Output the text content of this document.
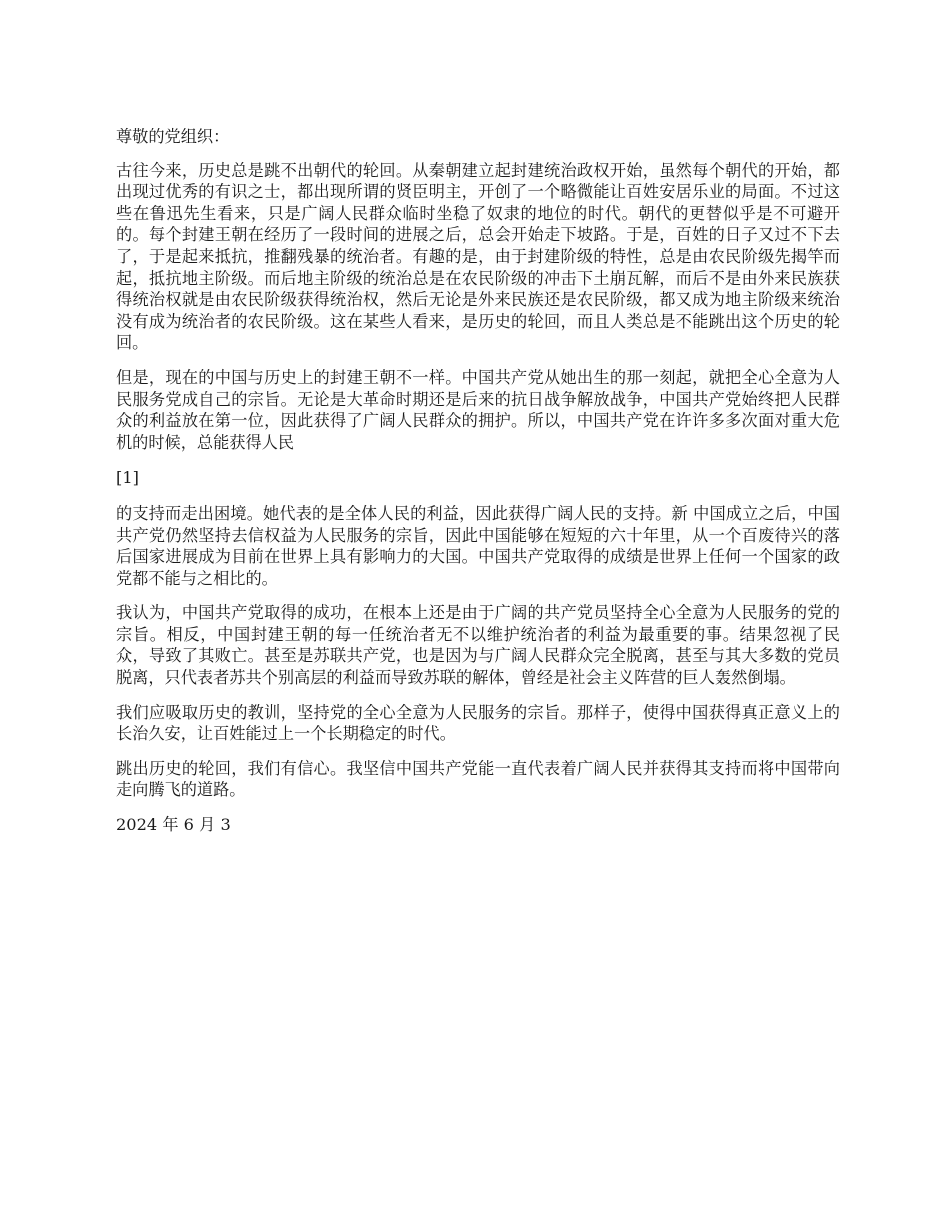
尊敬的党组织：

古往今来，历史总是跳不出朝代的轮回。从秦朝建立起封建统治政权开始，虽然每个朝代的开始，都出现过优秀的有识之士，都出现所谓的贤臣明主，开创了一个略微能让百姓安居乐业的局面。不过这些在鲁迅先生看来，只是广阔人民群众临时坐稳了奴隶的地位的时代。朝代的更替似乎是不可避开的。每个封建王朝在经历了一段时间的进展之后，总会开始走下坡路。于是，百姓的日子又过不下去了，于是起来抵抗，推翻残暴的统治者。有趣的是，由于封建阶级的特性，总是由农民阶级先揭竿而起，抵抗地主阶级。而后地主阶级的统治总是在农民阶级的冲击下土崩瓦解，而后不是由外来民族获得统治权就是由农民阶级获得统治权，然后无论是外来民族还是农民阶级，都又成为地主阶级来统治没有成为统治者的农民阶级。这在某些人看来，是历史的轮回，而且人类总是不能跳出这个历史的轮回。

但是，现在的中国与历史上的封建王朝不一样。中国共产党从她出生的那一刻起，就把全心全意为人民服务党成自己的宗旨。无论是大革命时期还是后来的抗日战争解放战争，中国共产党始终把人民群众的利益放在第一位，因此获得了广阔人民群众的拥护。所以，中国共产党在许许多多次面对重大危机的时候，总能获得人民

[1]

的支持而走出困境。她代表的是全体人民的利益，因此获得广阔人民的支持。新 中国成立之后，中国共产党仍然坚持去信权益为人民服务的宗旨，因此中国能够在短短的六十年里，从一个百废待兴的落后国家进展成为目前在世界上具有影响力的大国。中国共产党取得的成绩是世界上任何一个国家的政党都不能与之相比的。

我认为，中国共产党取得的成功，在根本上还是由于广阔的共产党员坚持全心全意为人民服务的党的宗旨。相反，中国封建王朝的每一任统治者无不以维护统治者的利益为最重要的事。结果忽视了民众，导致了其败亡。甚至是苏联共产党，也是因为与广阔人民群众完全脱离，甚至与其大多数的党员脱离，只代表者苏共个别高层的利益而导致苏联的解体，曾经是社会主义阵营的巨人轰然倒塌。

我们应吸取历史的教训，坚持党的全心全意为人民服务的宗旨。那样子，使得中国获得真正意义上的长治久安，让百姓能过上一个长期稳定的时代。

跳出历史的轮回，我们有信心。我坚信中国共产党能一直代表着广阔人民并获得其支持而将中国带向走向腾飞的道路。

2024 年 6 月 3
